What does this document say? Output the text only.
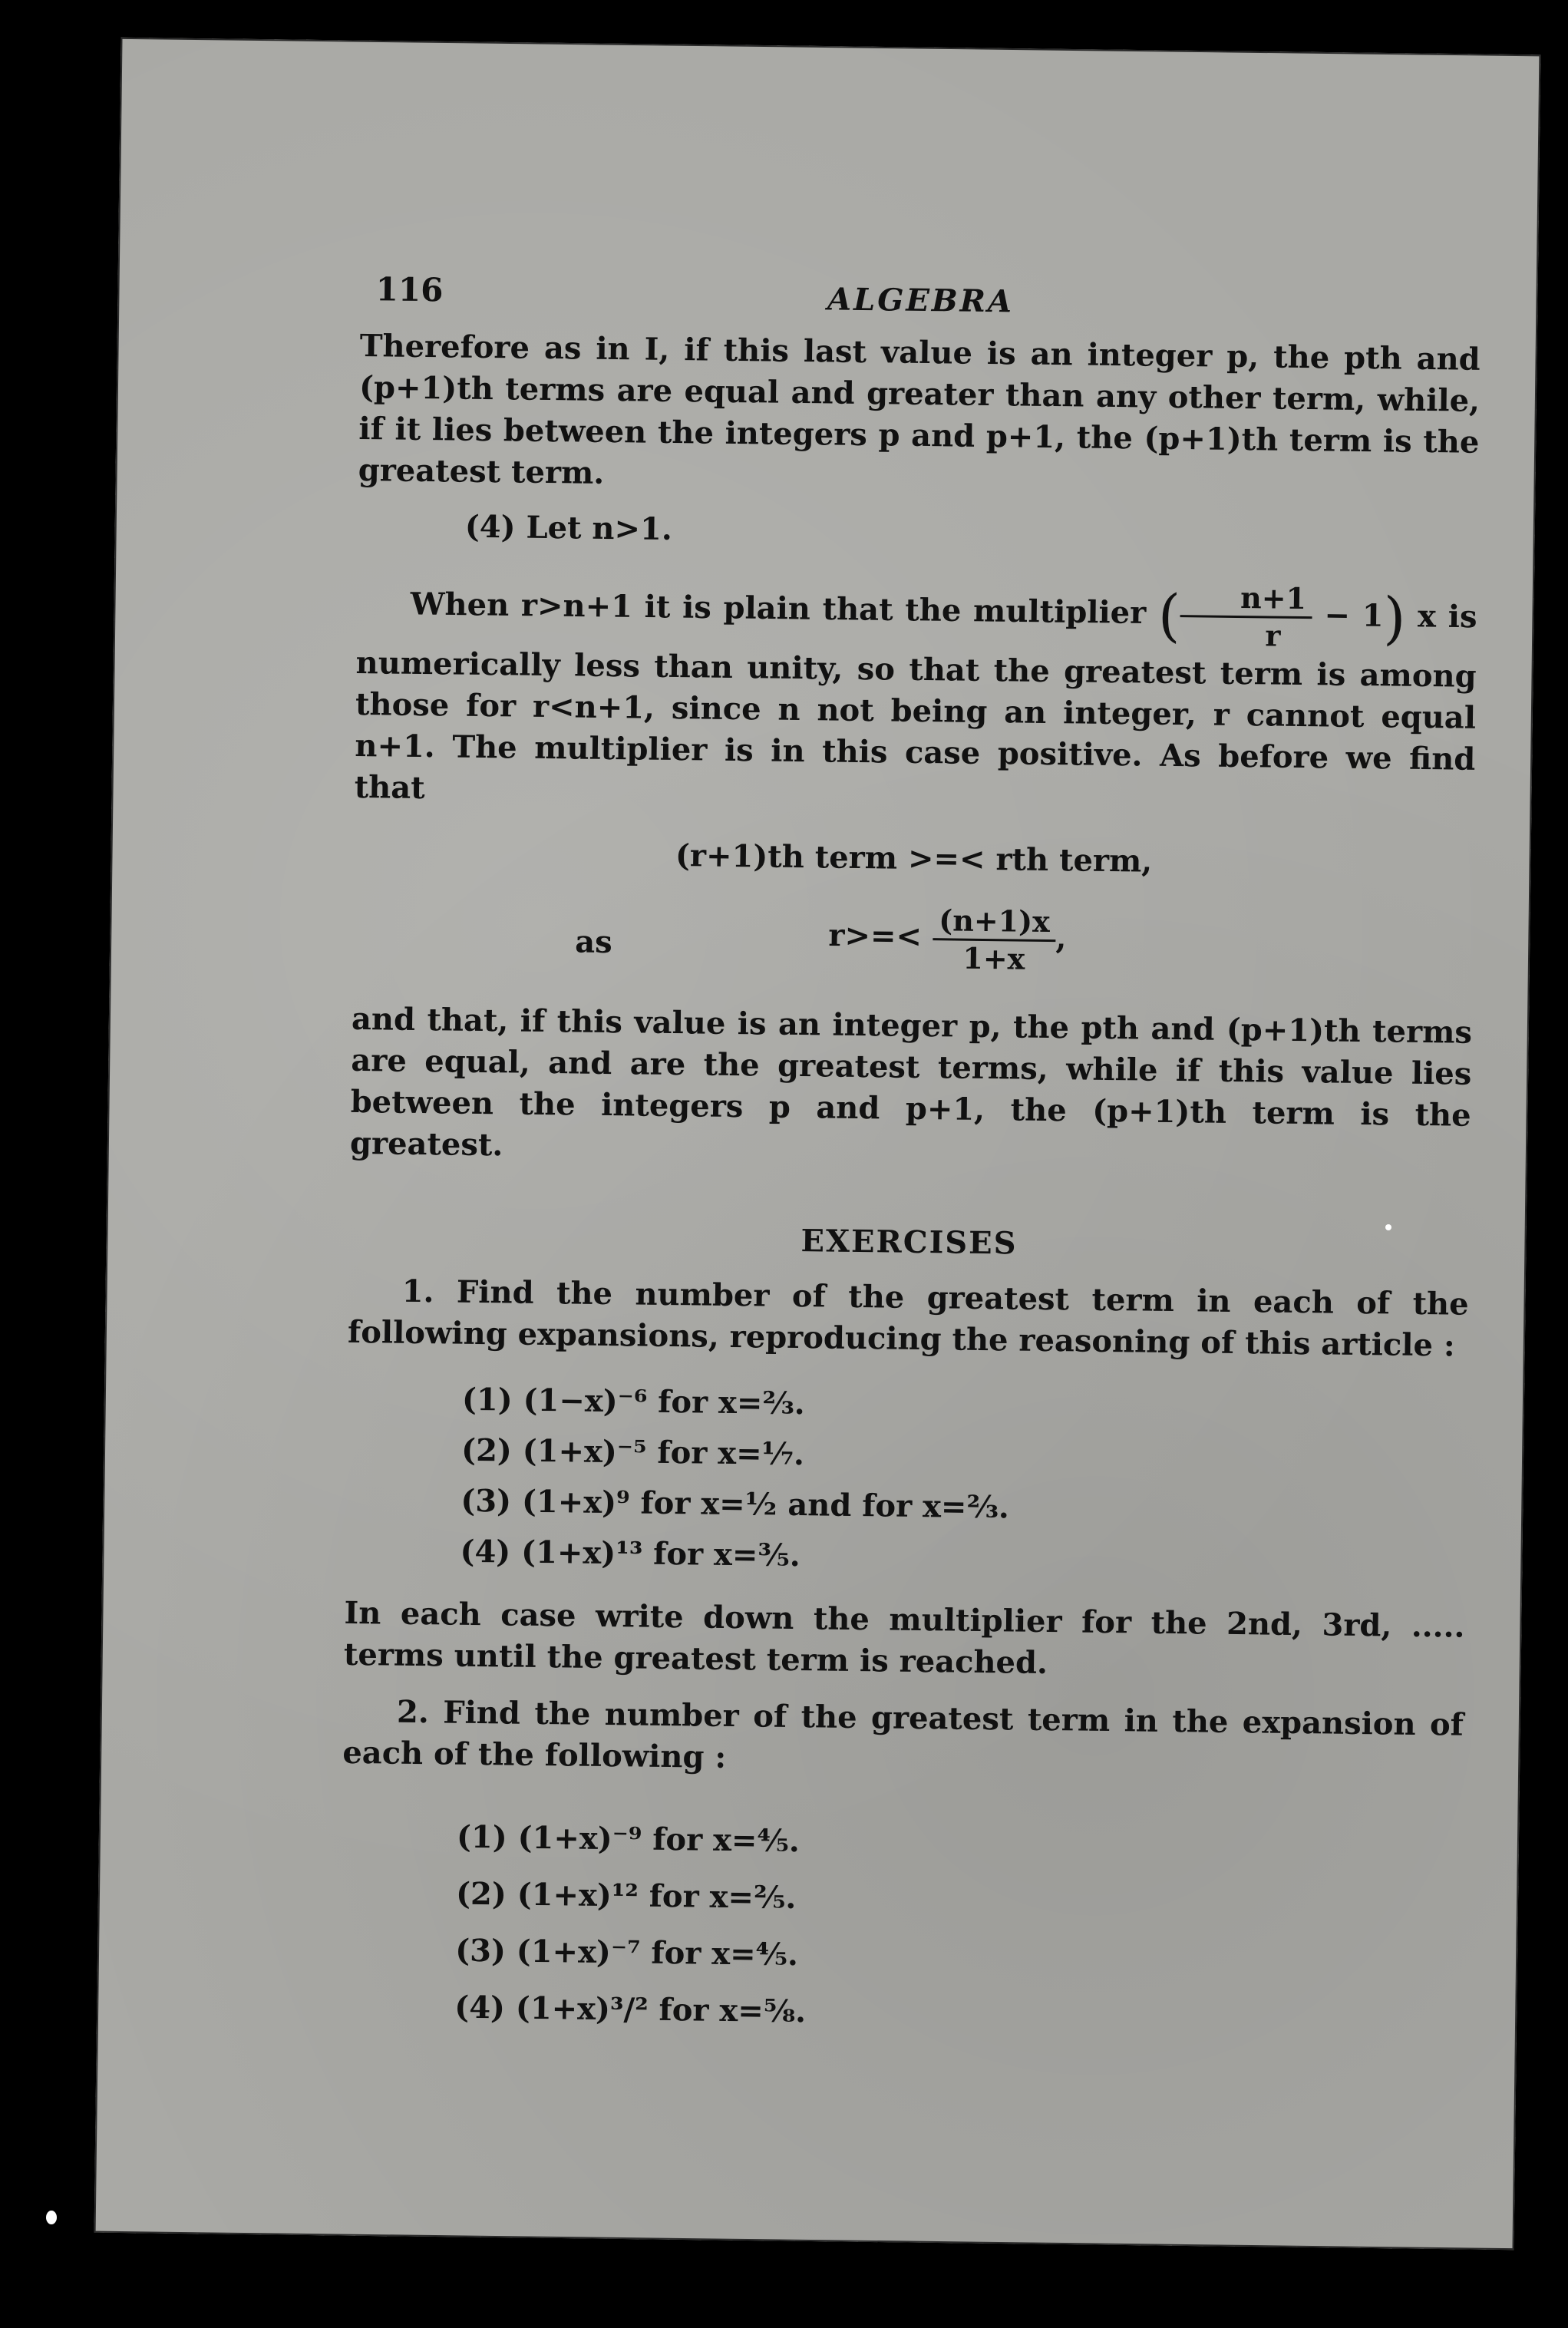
116	ALGEBRA

Therefore as in I, if this last value is an integer p, the pth and (p+1)th terms are equal and greater than any other term, while, if it lies between the integers p and p+1, the (p+1)th term is the greatest term.

(4) Let n>1.

When r>n+1 it is plain that the multiplier (
$\frac{n+1}{r} - 1$) x is numerically less than unity, so that the greatest term is among those for r<n+1, since n not being an integer, r cannot equal n+1. The multiplier is in this case positive. As before we find that

(r+1)th term >=< rth term,

as	$r>=< \frac{(n+1)x}{1+x}$ ,

and that, if this value is an integer p, the pth and (p+1)th terms are equal, and are the greatest terms, while if this value lies between the integers p and p+1, the (p+1)th term is the greatest.

EXERCISES

1. Find the number of the greatest term in each of the following expansions, reproducing the reasoning of this article :

(1) (1−x)⁻⁶ for x=⅔.
(2) (1+x)⁻⁵ for x=⅐.
(3) (1+x)⁹ for x=½ and for x=⅔.
(4) (1+x)¹³ for x=⅗.

In each case write down the multiplier for the 2nd, 3rd, ..... terms until the greatest term is reached.

2. Find the number of the greatest term in the expansion of each of the following :

(1) (1+x)⁻⁹ for x=⅘.
(2) (1+x)¹² for x=⅖.
(3) (1+x)⁻⁷ for x=⅘.
(4) (1+x)³/² for x=⅝.
